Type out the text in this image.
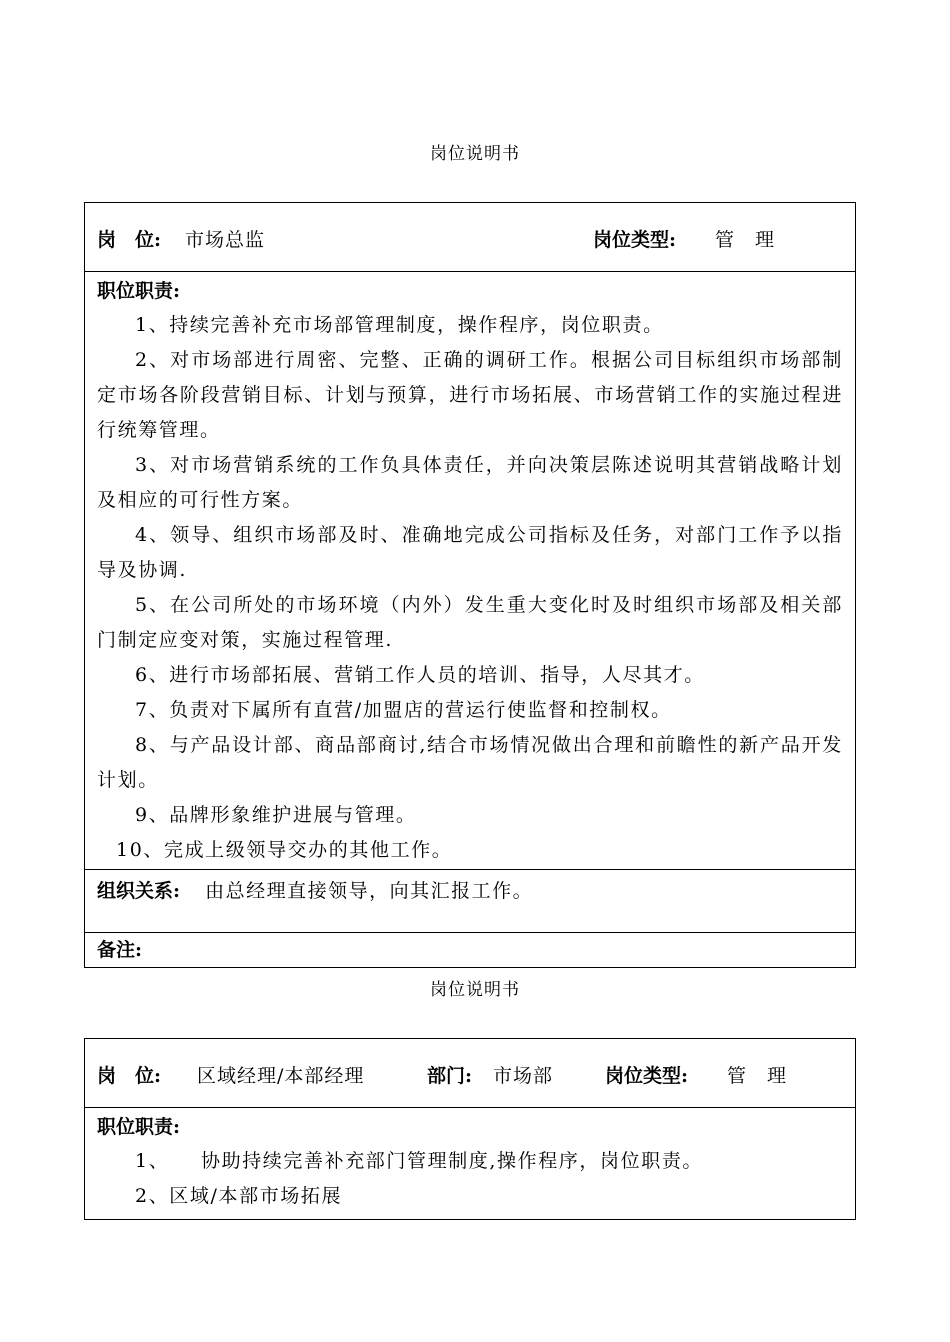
岗位说明书
岗　位: 市场总监	岗位类型: 管　理
职位职责:

1、持续完善补充市场部管理制度，操作程序，岗位职责。

2、对市场部进行周密、完整、正确的调研工作。根据公司目标组织市场部制定市场各阶段营销目标、计划与预算，进行市场拓展、市场营销工作的实施过程进行统筹管理。

3、对市场营销系统的工作负具体责任，并向决策层陈述说明其营销战略计划及相应的可行性方案。

4、领导、组织市场部及时、准确地完成公司指标及任务，对部门工作予以指导及协调.

5、在公司所处的市场环境（内外）发生重大变化时及时组织市场部及相关部门制定应变对策，实施过程管理.

6、进行市场部拓展、营销工作人员的培训、指导，人尽其才。

7、负责对下属所有直营/加盟店的营运行使监督和控制权。

8、与产品设计部、商品部商讨,结合市场情况做出合理和前瞻性的新产品开发计划。

9、品牌形象维护进展与管理。

10、完成上级领导交办的其他工作。

组织关系: 由总经理直接领导，向其汇报工作。
备注:
岗位说明书
岗　位: 区域经理/本部经理	部门: 市场部	岗位类型: 管　理
职位职责:

1、　　协助持续完善补充部门管理制度,操作程序，岗位职责。

2、区域/本部市场拓展
